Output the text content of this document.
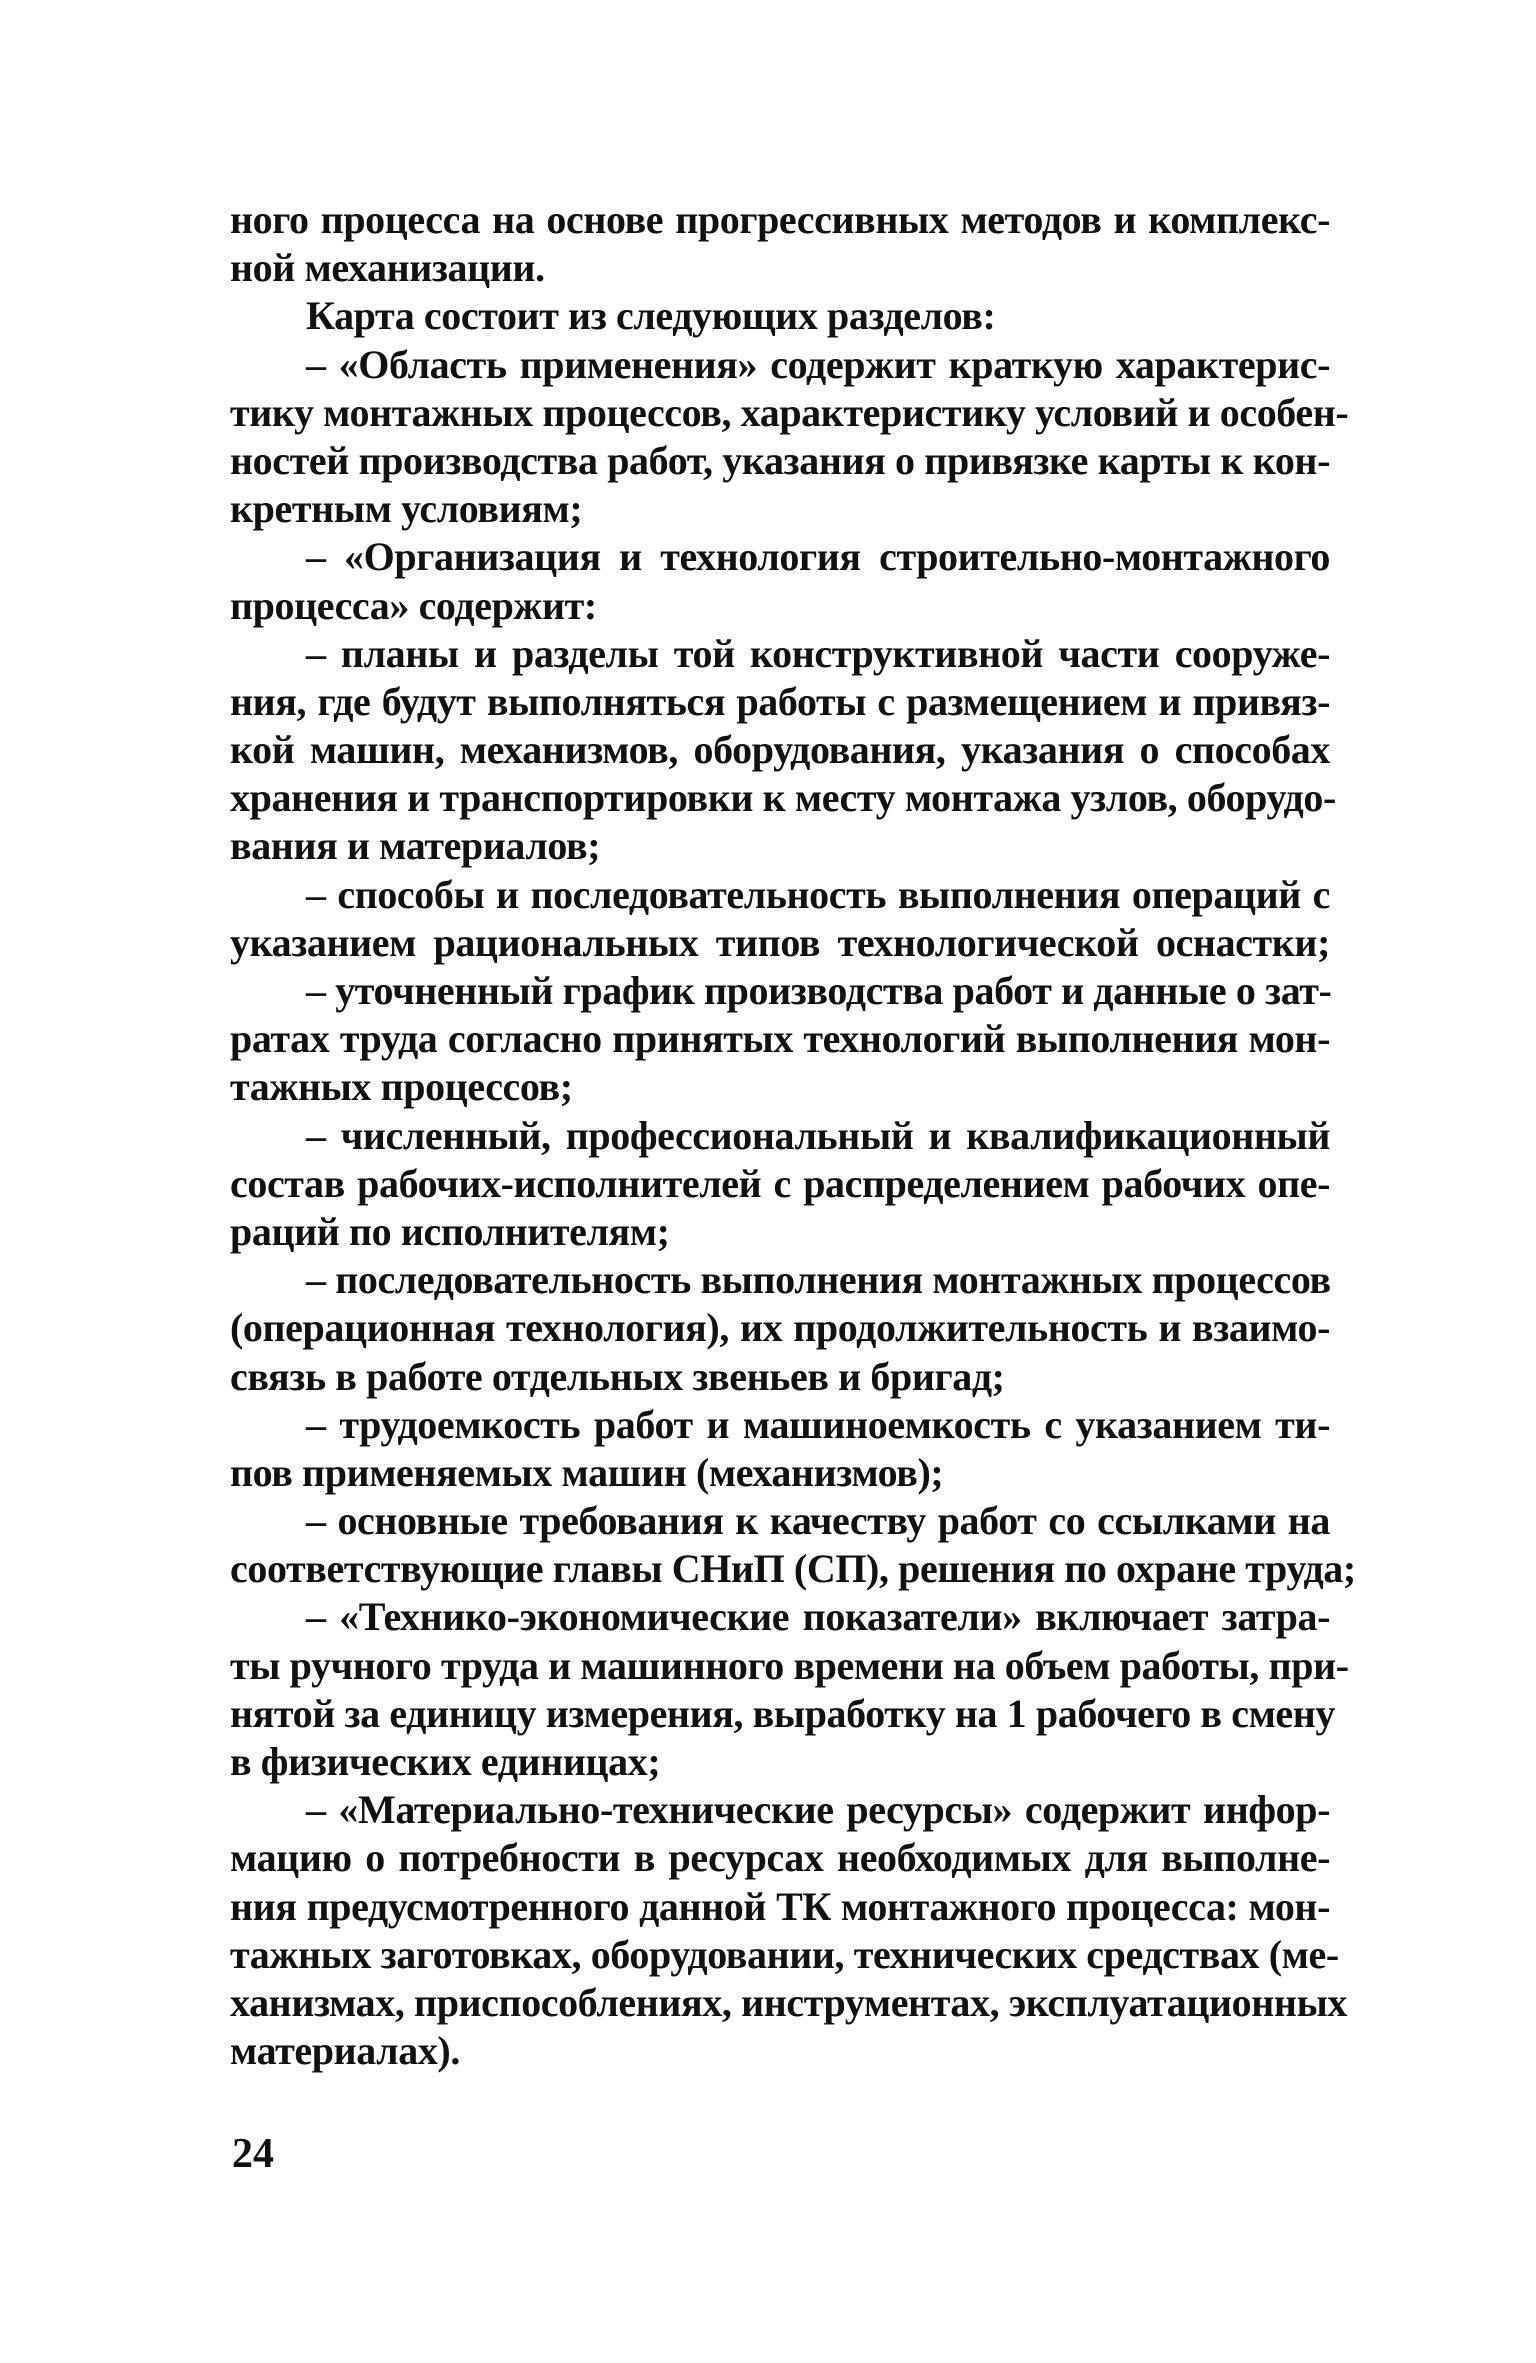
ного процесса на основе прогрессивных методов и комплекс-
ной механизации.
Карта состоит из следующих разделов:
– «Область применения» содержит краткую характерис-
тику монтажных процессов, характеристику условий и особен-
ностей производства работ, указания о привязке карты к кон-
кретным условиям;
– «Организация и технология строительно-монтажного
процесса» содержит:
– планы и разделы той конструктивной части сооруже-
ния, где будут выполняться работы с размещением и привяз-
кой машин, механизмов, оборудования, указания о способах
хранения и транспортировки к месту монтажа узлов, оборудо-
вания и материалов;
– способы и последовательность выполнения операций с
указанием рациональных типов технологической оснастки;
– уточненный график производства работ и данные о зат-
ратах труда согласно принятых технологий выполнения мон-
тажных процессов;
– численный, профессиональный и квалификационный
состав рабочих-исполнителей с распределением рабочих опе-
раций по исполнителям;
– последовательность выполнения монтажных процессов
(операционная технология), их продолжительность и взаимо-
связь в работе отдельных звеньев и бригад;
– трудоемкость работ и машиноемкость с указанием ти-
пов применяемых машин (механизмов);
– основные требования к качеству работ со ссылками на
соответствующие главы СНиП (СП), решения по охране труда;
– «Технико-экономические показатели» включает затра-
ты ручного труда и машинного времени на объем работы, при-
нятой за единицу измерения, выработку на 1 рабочего в смену
в физических единицах;
– «Материально-технические ресурсы» содержит инфор-
мацию о потребности в ресурсах необходимых для выполне-
ния предусмотренного данной ТК монтажного процесса: мон-
тажных заготовках, оборудовании, технических средствах (ме-
ханизмах, приспособлениях, инструментах, эксплуатационных
материалах).
24
